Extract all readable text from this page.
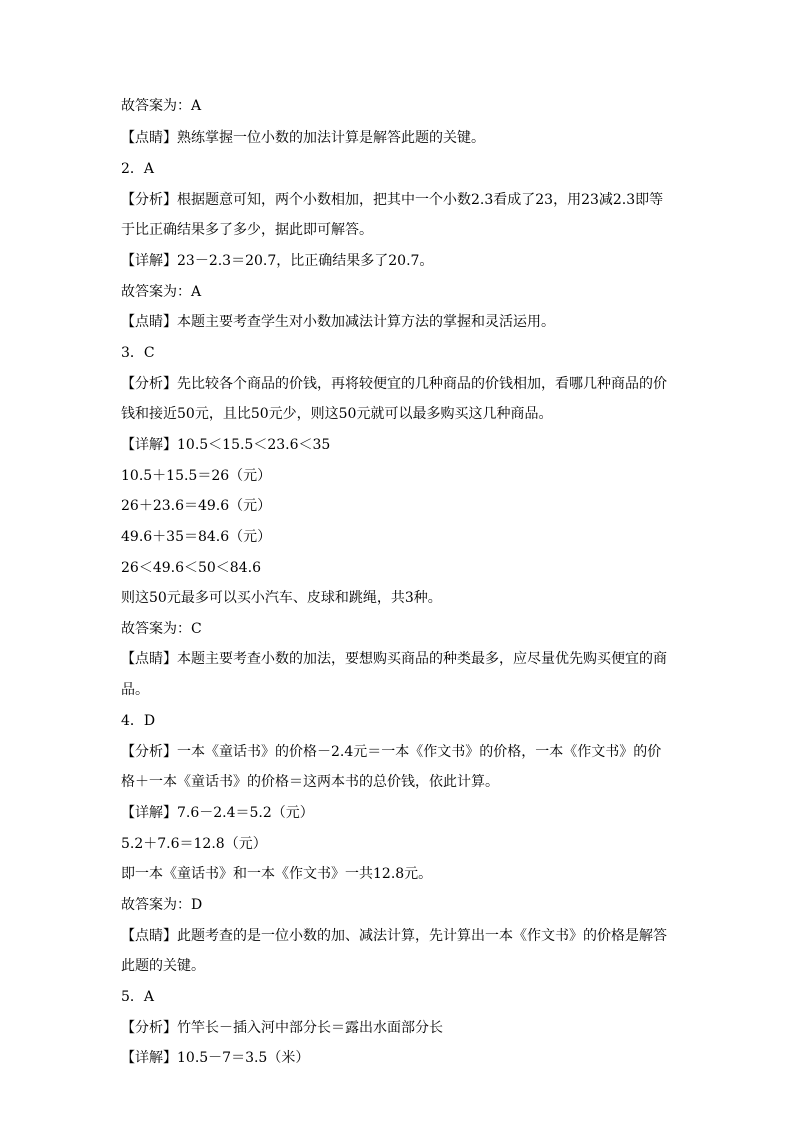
故答案为：A
【点睛】熟练掌握一位小数的加法计算是解答此题的关键。
2．A
【分析】根据题意可知，两个小数相加，把其中一个小数2.3看成了23，用23减2.3即等
于比正确结果多了多少，据此即可解答。
【详解】23－2.3＝20.7，比正确结果多了20.7。
故答案为：A
【点睛】本题主要考查学生对小数加减法计算方法的掌握和灵活运用。
3．C
【分析】先比较各个商品的价钱，再将较便宜的几种商品的价钱相加，看哪几种商品的价
钱和接近50元，且比50元少，则这50元就可以最多购买这几种商品。
【详解】10.5＜15.5＜23.6＜35
10.5＋15.5＝26（元）
26＋23.6＝49.6（元）
49.6＋35＝84.6（元）
26＜49.6＜50＜84.6
则这50元最多可以买小汽车、皮球和跳绳，共3种。
故答案为：C
【点睛】本题主要考查小数的加法，要想购买商品的种类最多，应尽量优先购买便宜的商
品。
4．D
【分析】一本《童话书》的价格－2.4元＝一本《作文书》的价格，一本《作文书》的价
格＋一本《童话书》的价格＝这两本书的总价钱，依此计算。
【详解】7.6－2.4＝5.2（元）
5.2＋7.6＝12.8（元）
即一本《童话书》和一本《作文书》一共12.8元。
故答案为：D
【点睛】此题考查的是一位小数的加、减法计算，先计算出一本《作文书》的价格是解答
此题的关键。
5．A
【分析】竹竿长－插入河中部分长＝露出水面部分长
【详解】10.5－7＝3.5（米）
